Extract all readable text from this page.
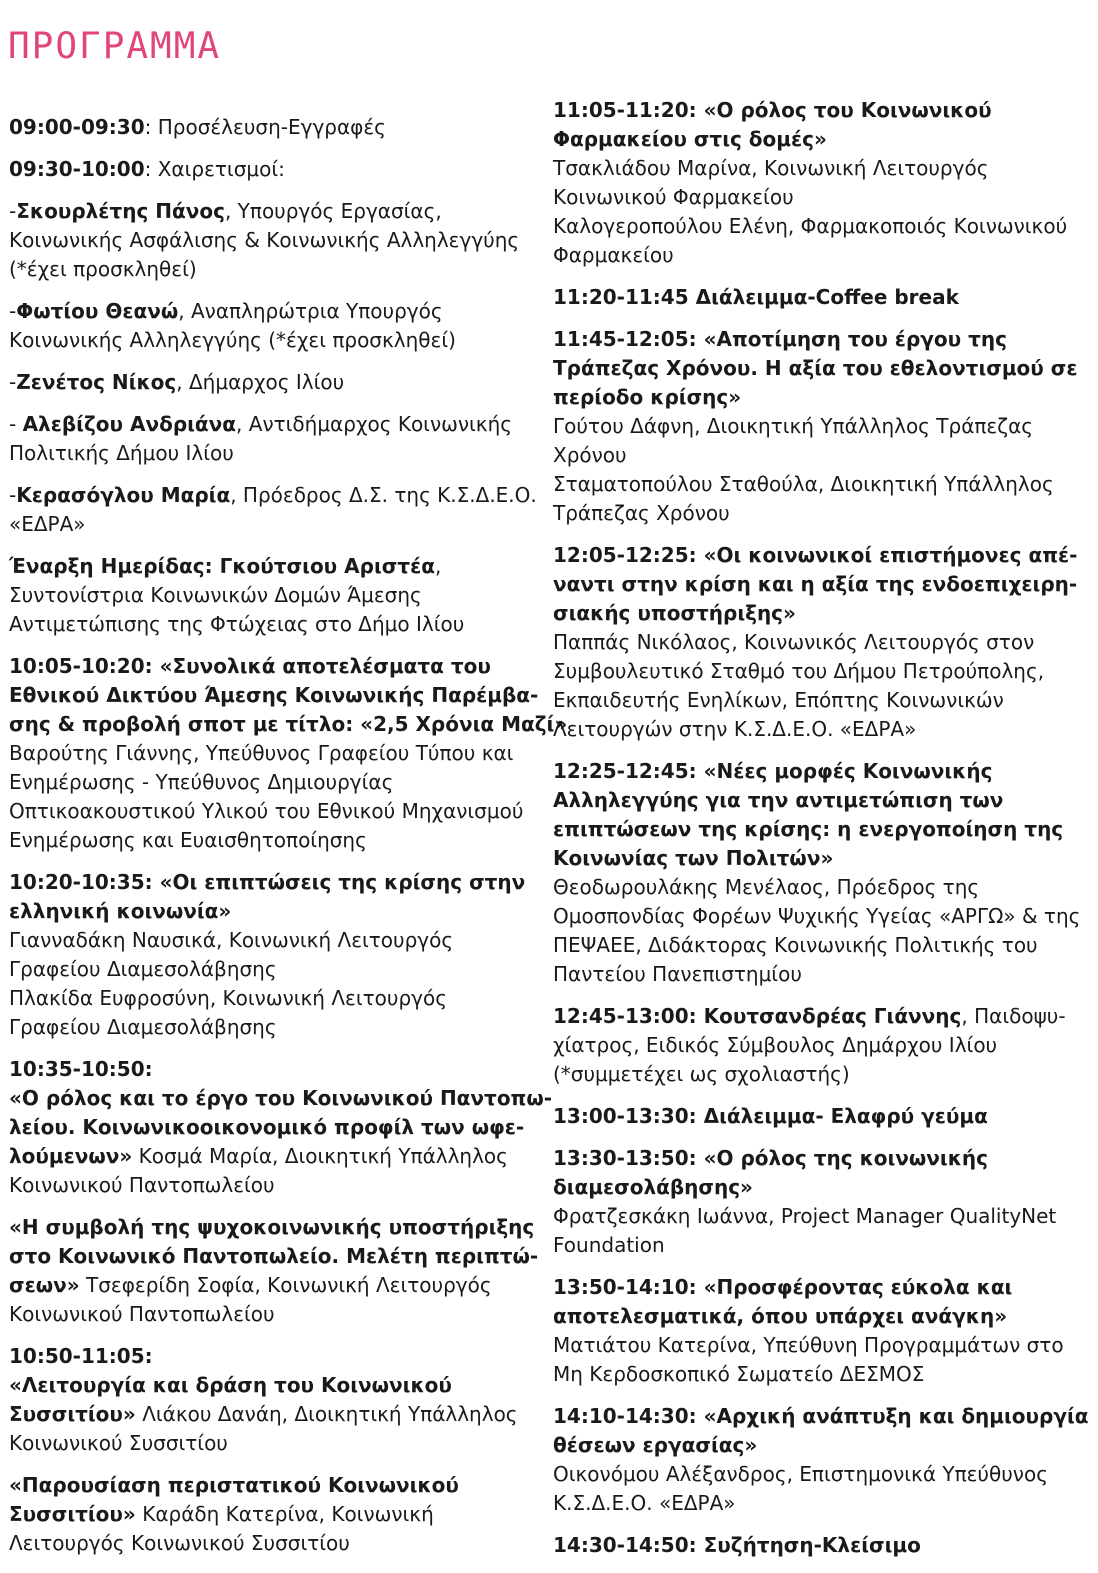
ΠΡΟΓΡΑΜΜΑ
09:00-09:30: Προσέλευση-Εγγραφές
09:30-10:00: Χαιρετισμοί:
-Σκουρλέτης Πάνος, Υπουργός Εργασίας,
Κοινωνικής Ασφάλισης & Κοινωνικής Αλληλεγγύης
(*έχει προσκληθεί)
-Φωτίου Θεανώ, Αναπληρώτρια Υπουργός
Κοινωνικής Αλληλεγγύης (*έχει προσκληθεί)
-Ζενέτος Νίκος, Δήμαρχος Ιλίου
- Αλεβίζου Ανδριάνα, Αντιδήμαρχος Κοινωνικής
Πολιτικής Δήμου Ιλίου
-Κερασόγλου Μαρία, Πρόεδρος Δ.Σ. της Κ.Σ.Δ.Ε.Ο.
«ΕΔΡΑ»
Έναρξη Ημερίδας: Γκούτσιου Αριστέα,
Συντονίστρια Κοινωνικών Δομών Άμεσης
Αντιμετώπισης της Φτώχειας στο Δήμο Ιλίου
10:05-10:20: «Συνολικά αποτελέσματα του
Εθνικού Δικτύου Άμεσης Κοινωνικής Παρέμβα-
σης & προβολή σποτ με τίτλο: «2,5 Χρόνια Μαζί»
Βαρούτης Γιάννης, Υπεύθυνος Γραφείου Τύπου και
Ενημέρωσης - Υπεύθυνος Δημιουργίας
Οπτικοακουστικού Υλικού του Εθνικού Μηχανισμού
Ενημέρωσης και Ευαισθητοποίησης
10:20-10:35: «Οι επιπτώσεις της κρίσης στην
ελληνική κοινωνία»
Γιανναδάκη Ναυσικά, Κοινωνική Λειτουργός
Γραφείου Διαμεσολάβησης
Πλακίδα Ευφροσύνη, Κοινωνική Λειτουργός
Γραφείου Διαμεσολάβησης
10:35-10:50:
«Ο ρόλος και το έργο του Κοινωνικού Παντοπω-
λείου. Κοινωνικοοικονομικό προφίλ των ωφε-
λούμενων» Κοσμά Μαρία, Διοικητική Υπάλληλος
Κοινωνικού Παντοπωλείου
«Η συμβολή της ψυχοκοινωνικής υποστήριξης
στο Κοινωνικό Παντοπωλείο. Μελέτη περιπτώ-
σεων» Τσεφερίδη Σοφία, Κοινωνική Λειτουργός
Κοινωνικού Παντοπωλείου
10:50-11:05:
«Λειτουργία και δράση του Κοινωνικού
Συσσιτίου» Λιάκου Δανάη, Διοικητική Υπάλληλος
Κοινωνικού Συσσιτίου
«Παρουσίαση περιστατικού Κοινωνικού
Συσσιτίου» Καράδη Κατερίνα, Κοινωνική
Λειτουργός Κοινωνικού Συσσιτίου
11:05-11:20: «Ο ρόλος του Κοινωνικού
Φαρμακείου στις δομές»
Τσακλιάδου Μαρίνα, Κοινωνική Λειτουργός
Κοινωνικού Φαρμακείου
Καλογεροπούλου Ελένη, Φαρμακοποιός Κοινωνικού
Φαρμακείου
11:20-11:45 Διάλειμμα-Coffee break
11:45-12:05: «Αποτίμηση του έργου της
Τράπεζας Χρόνου. Η αξία του εθελοντισμού σε
περίοδο κρίσης»
Γούτου Δάφνη, Διοικητική Υπάλληλος Τράπεζας
Χρόνου
Σταματοπούλου Σταθούλα, Διοικητική Υπάλληλος
Τράπεζας Χρόνου
12:05-12:25: «Οι κοινωνικοί επιστήμονες απέ-
ναντι στην κρίση και η αξία της ενδοεπιχειρη-
σιακής υποστήριξης»
Παππάς Νικόλαος, Κοινωνικός Λειτουργός στον
Συμβουλευτικό Σταθμό του Δήμου Πετρούπολης,
Εκπαιδευτής Ενηλίκων, Επόπτης Κοινωνικών
Λειτουργών στην Κ.Σ.Δ.Ε.Ο. «ΕΔΡΑ»
12:25-12:45: «Νέες μορφές Κοινωνικής
Αλληλεγγύης για την αντιμετώπιση των
επιπτώσεων της κρίσης: η ενεργοποίηση της
Κοινωνίας των Πολιτών»
Θεοδωρουλάκης Μενέλαος, Πρόεδρος της
Ομοσπονδίας Φορέων Ψυχικής Υγείας «ΑΡΓΩ» & της
ΠΕΨΑΕΕ, Διδάκτορας Κοινωνικής Πολιτικής του
Παντείου Πανεπιστημίου
12:45-13:00: Κουτσανδρέας Γιάννης, Παιδοψυ-
χίατρος, Ειδικός Σύμβουλος Δημάρχου Ιλίου
(*συμμετέχει ως σχολιαστής)
13:00-13:30: Διάλειμμα- Ελαφρύ γεύμα
13:30-13:50: «Ο ρόλος της κοινωνικής
διαμεσολάβησης»
Φρατζεσκάκη Ιωάννα, Project Manager QualityNet
Foundation
13:50-14:10: «Προσφέροντας εύκολα και
αποτελεσματικά, όπου υπάρχει ανάγκη»
Ματιάτου Κατερίνα, Υπεύθυνη Προγραμμάτων στο
Μη Κερδοσκοπικό Σωματείο ΔΕΣΜΟΣ
14:10-14:30: «Αρχική ανάπτυξη και δημιουργία
θέσεων εργασίας»
Οικονόμου Αλέξανδρος, Επιστημονικά Υπεύθυνος
Κ.Σ.Δ.Ε.Ο. «ΕΔΡΑ»
14:30-14:50: Συζήτηση-Κλείσιμο
